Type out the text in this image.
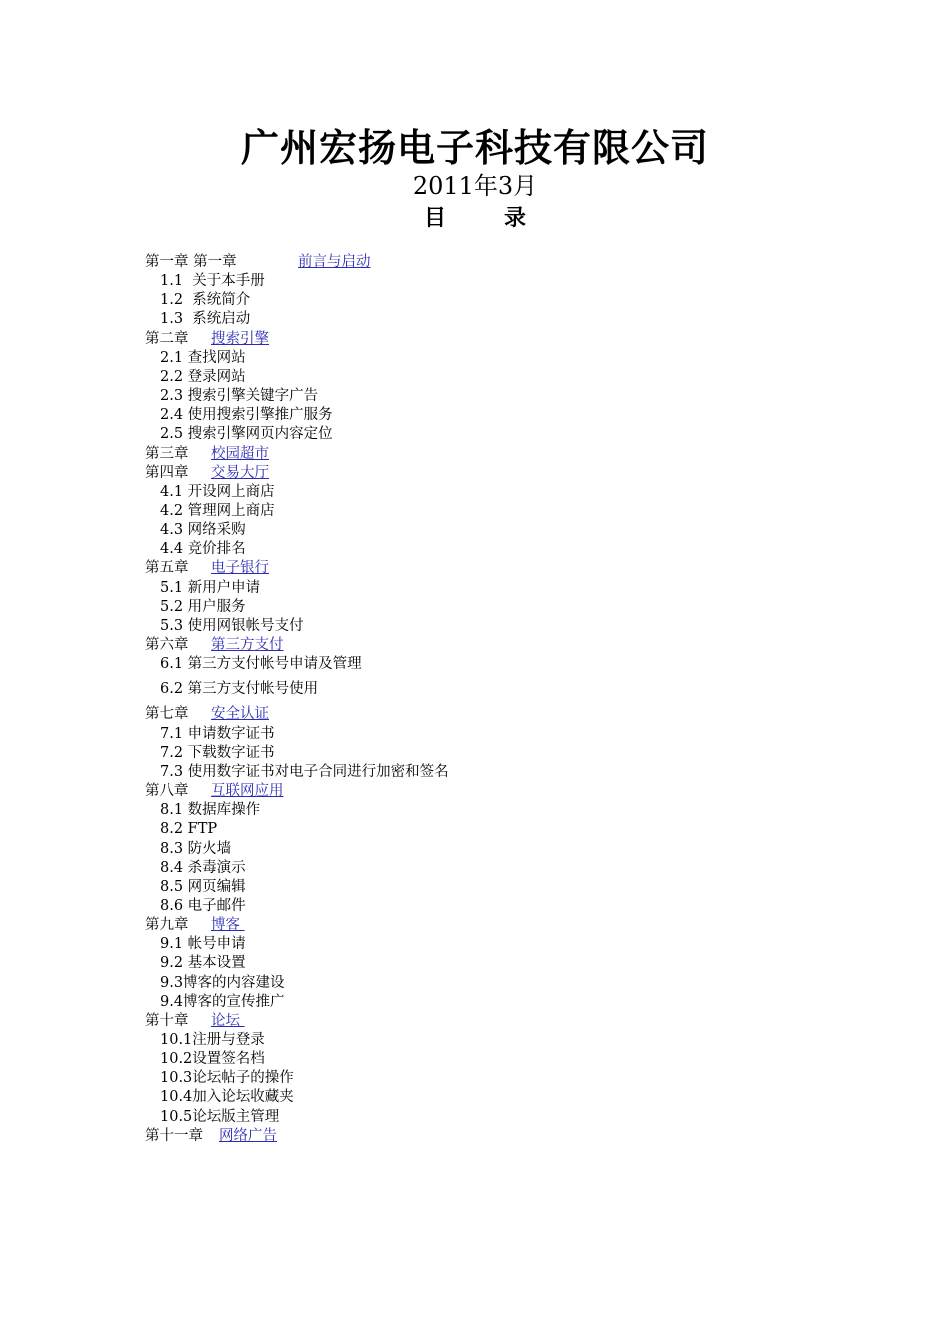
广州宏扬电子科技有限公司
2011年3月
目	录
第一章 第一章	前言与启动
1.1  关于本手册
1.2  系统简介
1.3  系统启动
第二章 搜索引擎
2.1 查找网站
2.2 登录网站
2.3 搜索引擎关键字广告
2.4 使用搜索引擎推广服务
2.5 搜索引擎网页内容定位
第三章 校园超市
第四章 交易大厅
4.1 开设网上商店
4.2 管理网上商店
4.3 网络采购
4.4 竞价排名
第五章 电子银行
5.1 新用户申请
5.2 用户服务
5.3 使用网银帐号支付
第六章 第三方支付
6.1 第三方支付帐号申请及管理
6.2 第三方支付帐号使用
第七章 安全认证
7.1 申请数字证书
7.2 下载数字证书
7.3 使用数字证书对电子合同进行加密和签名
第八章 互联网应用
8.1 数据库操作
8.2 FTP
8.3 防火墙
8.4 杀毒演示
8.5 网页编辑
8.6 电子邮件
第九章 博客
9.1 帐号申请
9.2 基本设置
9.3博客的内容建设
9.4博客的宣传推广
第十章 论坛
10.1注册与登录
10.2设置签名档
10.3论坛帖子的操作
10.4加入论坛收藏夹
10.5论坛版主管理
第十一章 网络广告
